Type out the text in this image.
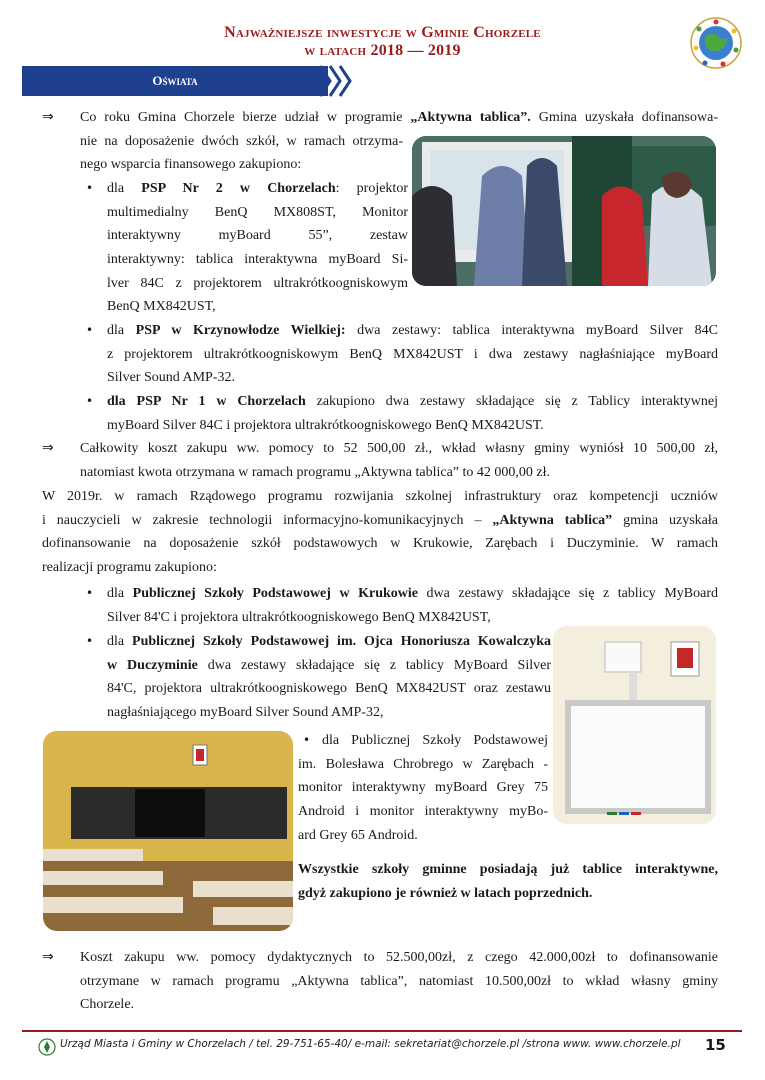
Najważniejsze inwestycje w Gminie Chorzele
w latach 2018 — 2019
Oświata
⇒ Co roku Gmina Chorzele bierze udział w programie „Aktywna tablica”. Gmina uzyskała dofinansowa-
nie na doposażenie dwóch szkół, w ramach otrzyma-
nego wsparcia finansowego zakupiono:
• dla PSP Nr 2 w Chorzelach: projektor
multimedialny BenQ MX808ST, Monitor
interaktywny myBoard 55”, zestaw
interaktywny: tablica interaktywna myBoard Si-
lver 84C z projektorem ultrakrótkoogniskowym
BenQ MX842UST,
• dla PSP w Krzynowłodze Wielkiej: dwa zestawy: tablica interaktywna myBoard Silver 84C
z projektorem ultrakrótkoogniskowym BenQ MX842UST i dwa zestawy nagłaśniające myBoard
Silver Sound AMP-32.
• dla PSP Nr 1 w Chorzelach zakupiono dwa zestawy składające się z Tablicy interaktywnej
myBoard Silver 84C i projektora ultrakrótkoogniskowego BenQ MX842UST.
⇒ Całkowity koszt zakupu ww. pomocy to 52 500,00 zł., wkład własny gminy wyniósł 10 500,00 zł,
natomiast kwota otrzymana w ramach programu „Aktywna tablica” to 42 000,00 zł.
W 2019r. w ramach Rządowego programu rozwijania szkolnej infrastruktury oraz kompetencji uczniów
i nauczycieli w zakresie technologii informacyjno-komunikacyjnych – „Aktywna tablica” gmina uzyskała
dofinansowanie na doposażenie szkół podstawowych w Krukowie, Zarębach i Duczyminie. W ramach
realizacji programu zakupiono:
• dla Publicznej Szkoły Podstawowej w Krukowie dwa zestawy składające się z tablicy MyBoard
Silver 84'C i projektora ultrakrótkoogniskowego BenQ MX842UST,
• dla Publicznej Szkoły Podstawowej im. Ojca Honoriusza Kowalczyka
w Duczyminie dwa zestawy składające się z tablicy MyBoard Silver
84'C, projektora ultrakrótkoogniskowego BenQ MX842UST oraz zestawu
nagłaśniającego myBoard Silver Sound AMP-32,
• dla Publicznej Szkoły Podstawowej
im. Bolesława Chrobrego w Zarębach -
monitor interaktywny myBoard Grey 75
Android i monitor interaktywny myBo-
ard Grey 65 Android.
Wszystkie szkoły gminne posiadają już tablice interaktywne,
gdyż zakupiono je również w latach poprzednich.
⇒ Koszt zakupu ww. pomocy dydaktycznych to 52.500,00zł, z czego 42.000,00zł to dofinansowanie
otrzymane w ramach programu „Aktywna tablica”, natomiast 10.500,00zł to wkład własny gminy
Chorzele.
Urząd Miasta i Gminy w Chorzelach / tel. 29-751-65-40/ e-mail: sekretariat@chorzele.pl /strona www. www.chorzele.pl 15
